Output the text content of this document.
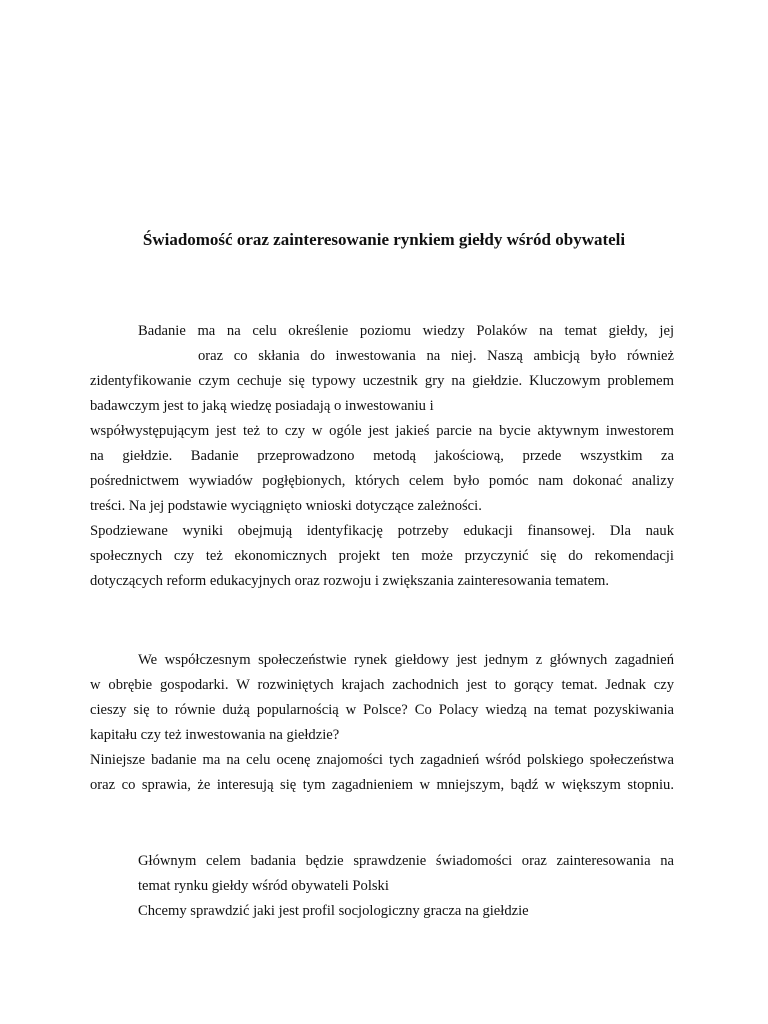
Świadomość oraz zainteresowanie rynkiem giełdy wśród obywateli
Badanie ma na celu określenie poziomu wiedzy Polaków na temat giełdy, jej
oraz co skłania do inwestowania na niej. Naszą ambicją było również
zidentyfikowanie czym cechuje się typowy uczestnik gry na giełdzie. Kluczowym problemem
badawczym jest to jaką wiedzę posiadają o inwestowaniu i
współwystępującym jest też to czy w ogóle jest jakieś parcie na bycie aktywnym inwestorem
na giełdzie. Badanie przeprowadzono metodą jakościową, przede wszystkim za
pośrednictwem wywiadów pogłębionych, których celem było pomóc nam dokonać analizy
treści. Na jej podstawie wyciągnięto wnioski dotyczące zależności.
Spodziewane wyniki obejmują identyfikację potrzeby edukacji finansowej. Dla nauk
społecznych czy też ekonomicznych projekt ten może przyczynić się do rekomendacji
dotyczących reform edukacyjnych oraz rozwoju i zwiększania zainteresowania tematem.
We współczesnym społeczeństwie rynek giełdowy jest jednym z głównych zagadnień
w obrębie gospodarki. W rozwiniętych krajach zachodnich jest to gorący temat. Jednak czy
cieszy się to równie dużą popularnością w Polsce? Co Polacy wiedzą na temat pozyskiwania
kapitału czy też inwestowania na giełdzie?
Niniejsze badanie ma na celu ocenę znajomości tych zagadnień wśród polskiego społeczeństwa
oraz co sprawia, że interesują się tym zagadnieniem w mniejszym, bądź w większym stopniu.
Głównym celem badania będzie sprawdzenie świadomości oraz zainteresowania na
temat rynku giełdy wśród obywateli Polski
Chcemy sprawdzić jaki jest profil socjologiczny gracza na giełdzie
